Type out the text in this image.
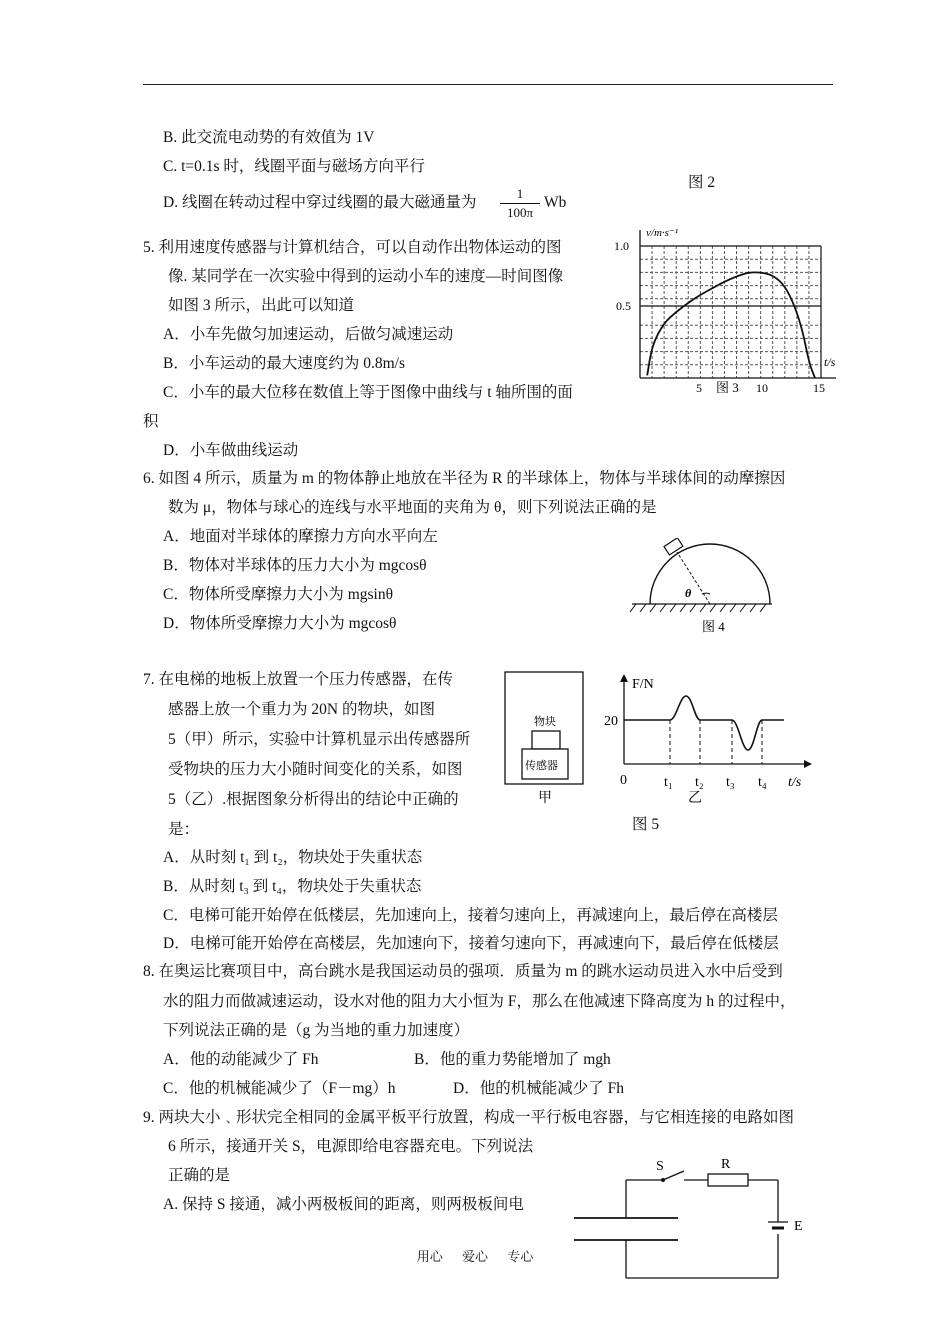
B. 此交流电动势的有效值为 1V
C. t=0.1s 时，线圈平面与磁场方向平行
图 2
D. 线圈在转动过程中穿过线圈的最大磁通量为
1
100π
Wb
5. 利用速度传感器与计算机结合，可以自动作出物体运动的图
像. 某同学在一次实验中得到的运动小车的速度—时间图像
如图 3 所示，出此可以知道
A．小车先做匀加速运动，后做匀减速运动
B．小车运动的最大速度约为 0.8m/s
C．小车的最大位移在数值上等于图像中曲线与 t 轴所围的面
积
D．小车做曲线运动
v/m·s⁻¹
1.0
0.5
t/s
5	10	15
图 3
6. 如图 4 所示，质量为 m 的物体静止地放在半径为 R 的半球体上，物体与半球体间的动摩擦因
数为 μ，物体与球心的连线与水平地面的夹角为 θ，则下列说法正确的是
A．地面对半球体的摩擦力方向水平向左
B．物体对半球体的压力大小为 mgcosθ
C．物体所受摩擦力大小为 mgsinθ
D．物体所受摩擦力大小为 mgcosθ
θ
图 4
7. 在电梯的地板上放置一个压力传感器，在传
感器上放一个重力为 20N 的物块，如图
5（甲）所示，实验中计算机显示出传感器所
受物块的压力大小随时间变化的关系，如图
5（乙）.根据图象分析得出的结论中正确的
是：
A．从时刻 t₁ 到 t₂，物块处于失重状态
B．从时刻 t₃ 到 t₄，物块处于失重状态
C．电梯可能开始停在低楼层，先加速向上，接着匀速向上，再减速向上，最后停在高楼层
D．电梯可能开始停在高楼层，先加速向下，接着匀速向下，再减速向下，最后停在低楼层
物块
传感器
甲
F/N
20
0	t₁ t₂ t₃ t₄ t/s
乙
图 5
8. 在奥运比赛项目中，高台跳水是我国运动员的强项．质量为 m 的跳水运动员进入水中后受到
水的阻力而做减速运动，设水对他的阻力大小恒为 F，那么在他减速下降高度为 h 的过程中，
下列说法正确的是（g 为当地的重力加速度）
A．他的动能减少了 Fh	B．他的重力势能增加了 mgh
C．他的机械能减少了（F－mg）h	D．他的机械能减少了 Fh
9. 两块大小﹑形状完全相同的金属平板平行放置，构成一平行板电容器，与它相连接的电路如图
6 所示，接通开关 S，电源即给电容器充电。下列说法
正确的是
A. 保持 S 接通，减小两极板间的距离，则两极板间电
S	R
E
用心 爱心 专心
